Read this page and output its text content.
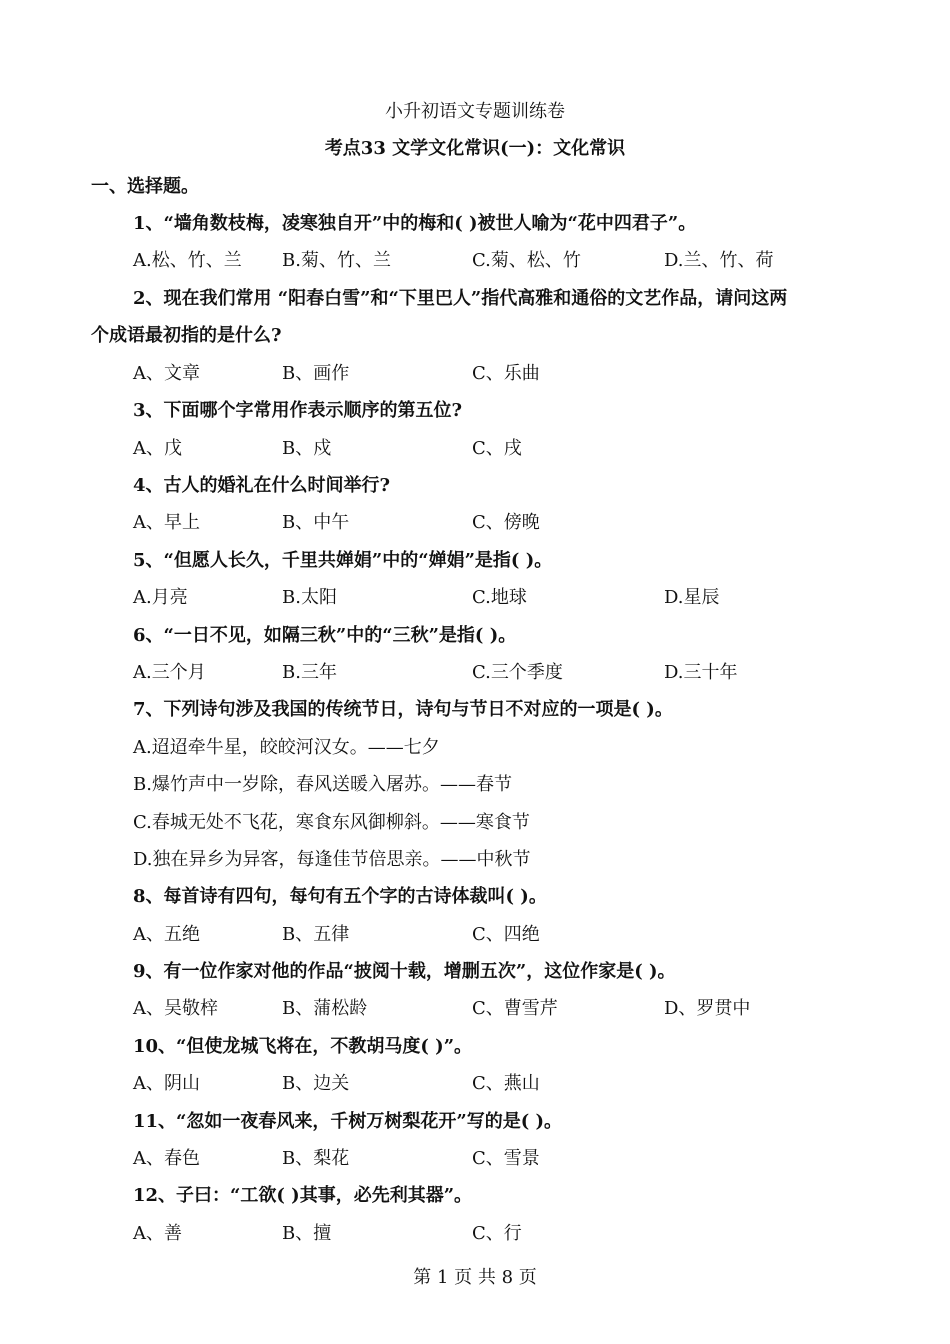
小升初语文专题训练卷
考点33 文学文化常识(一)：文化常识
一、选择题。
1、“墙角数枝梅，凌寒独自开”中的梅和( )被世人喻为“花中四君子”。
A.松、竹、兰 B.菊、竹、兰	C.菊、松、竹	D.兰、竹、荷
2、现在我们常用 “阳春白雪”和“下里巴人”指代高雅和通俗的文艺作品，请问这两
个成语最初指的是什么?
A、文章	B、画作	C、乐曲
3、下面哪个字常用作表示顺序的第五位?
A、戊	B、戍	C、戌
4、古人的婚礼在什么时间举行?
A、早上	B、中午	C、傍晚
5、“但愿人长久，千里共婵娟”中的“婵娟”是指( )。
A.月亮	B.太阳	C.地球	D.星辰
6、“一日不见，如隔三秋”中的“三秋”是指( )。
A.三个月	B.三年	C.三个季度	D.三十年
7、下列诗句涉及我国的传统节日，诗句与节日不对应的一项是( )。
A.迢迢牵牛星，皎皎河汉女。——七夕
B.爆竹声中一岁除，春风送暖入屠苏。——春节
C.春城无处不飞花，寒食东风御柳斜。——寒食节
D.独在异乡为异客，每逢佳节倍思亲。——中秋节
8、每首诗有四句，每句有五个字的古诗体裁叫( )。
A、五绝	B、五律	C、四绝
9、有一位作家对他的作品“披阅十载，增删五次”，这位作家是( )。
A、吴敬梓	B、蒲松龄	C、曹雪芹	D、罗贯中
10、“但使龙城飞将在，不教胡马度( )”。
A、阴山	B、边关	C、燕山
11、“忽如一夜春风来，千树万树梨花开”写的是( )。
A、春色	B、梨花	C、雪景
12、子曰：“工欲( )其事，必先利其器”。
A、善	B、擅	C、行
第 1 页 共 8 页
